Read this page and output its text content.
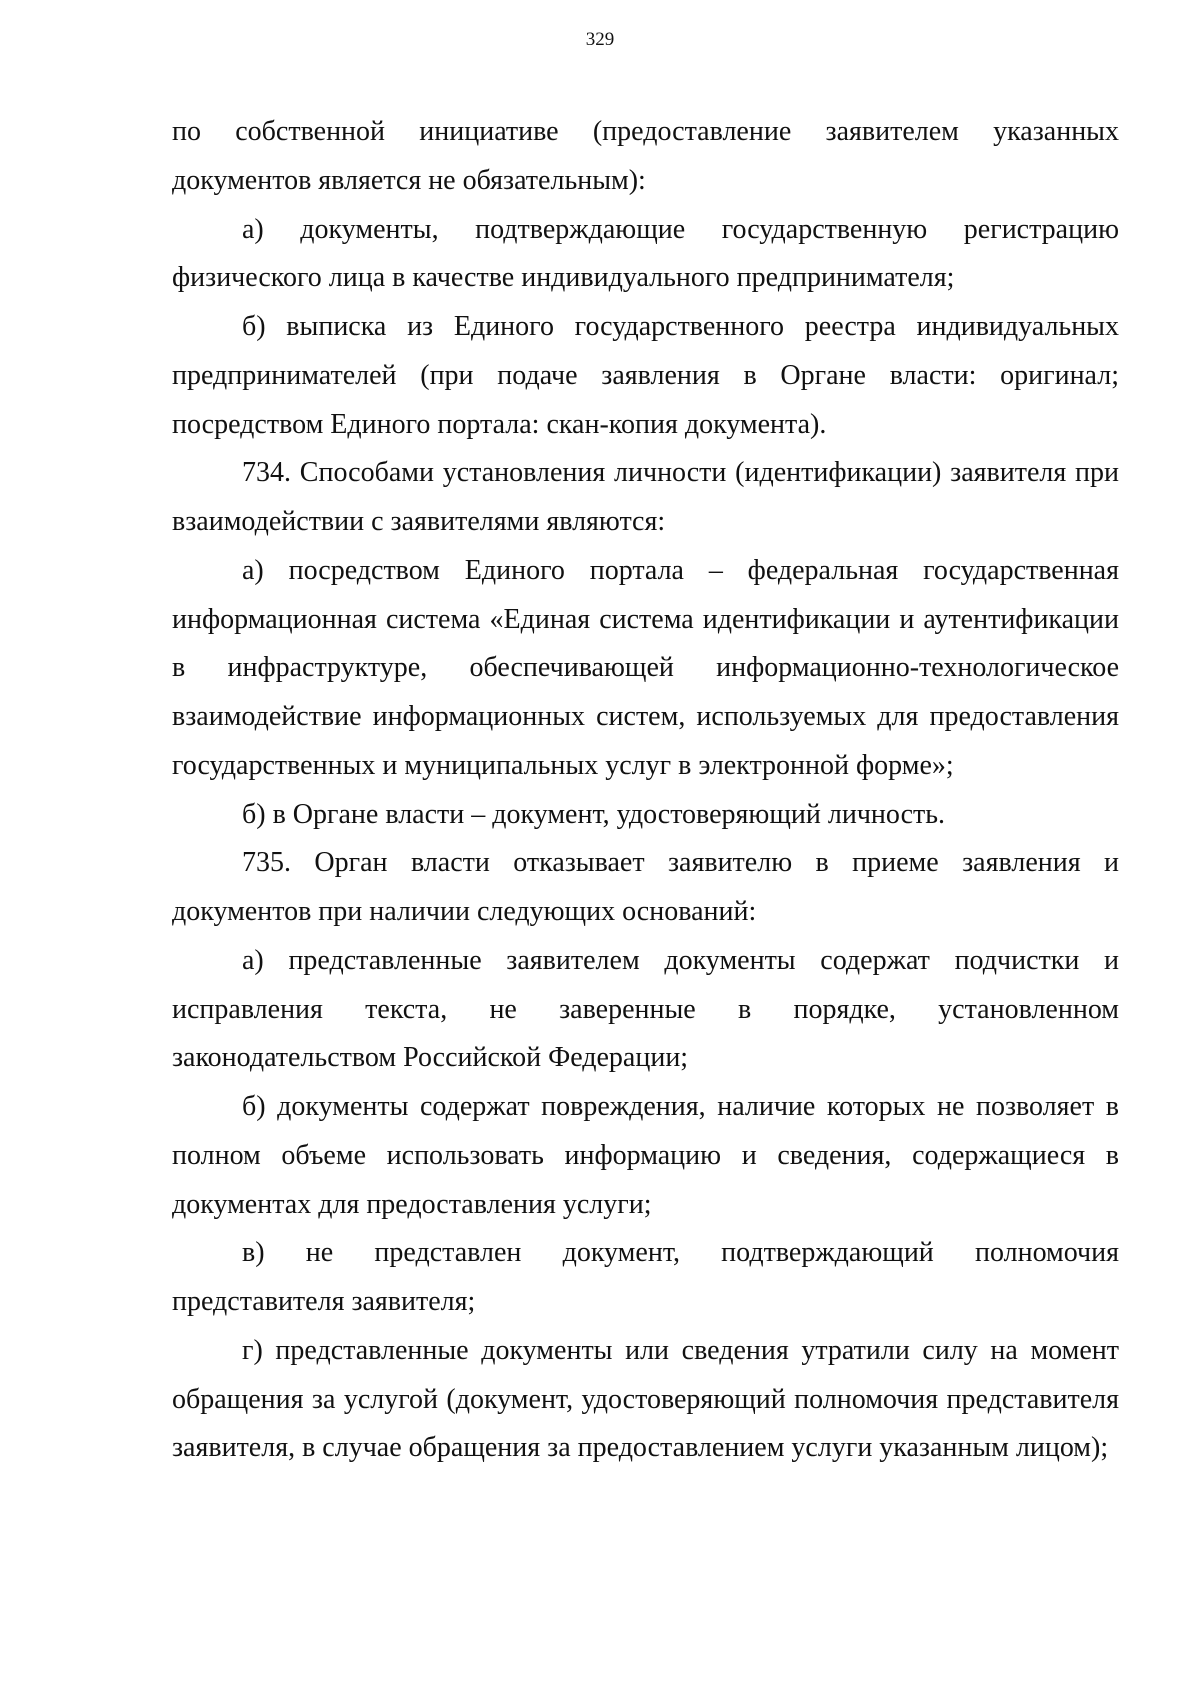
329

по собственной инициативе (предоставление заявителем указанных документов является не обязательным):

а) документы, подтверждающие государственную регистрацию физического лица в качестве индивидуального предпринимателя;

б) выписка из Единого государственного реестра индивидуальных предпринимателей (при подаче заявления в Органе власти: оригинал; посредством Единого портала: скан-копия документа).

734. Способами установления личности (идентификации) заявителя при взаимодействии с заявителями являются:

а) посредством Единого портала – федеральная государственная информационная система «Единая система идентификации и аутентификации в инфраструктуре, обеспечивающей информационно-технологическое взаимодействие информационных систем, используемых для предоставления государственных и муниципальных услуг в электронной форме»;

б) в Органе власти – документ, удостоверяющий личность.

735. Орган власти отказывает заявителю в приеме заявления и документов при наличии следующих оснований:

а) представленные заявителем документы содержат подчистки и исправления текста, не заверенные в порядке, установленном законодательством Российской Федерации;

б) документы содержат повреждения, наличие которых не позволяет в полном объеме использовать информацию и сведения, содержащиеся в документах для предоставления услуги;

в) не представлен документ, подтверждающий полномочия представителя заявителя;

г) представленные документы или сведения утратили силу на момент обращения за услугой (документ, удостоверяющий полномочия представителя заявителя, в случае обращения за предоставлением услуги указанным лицом);
